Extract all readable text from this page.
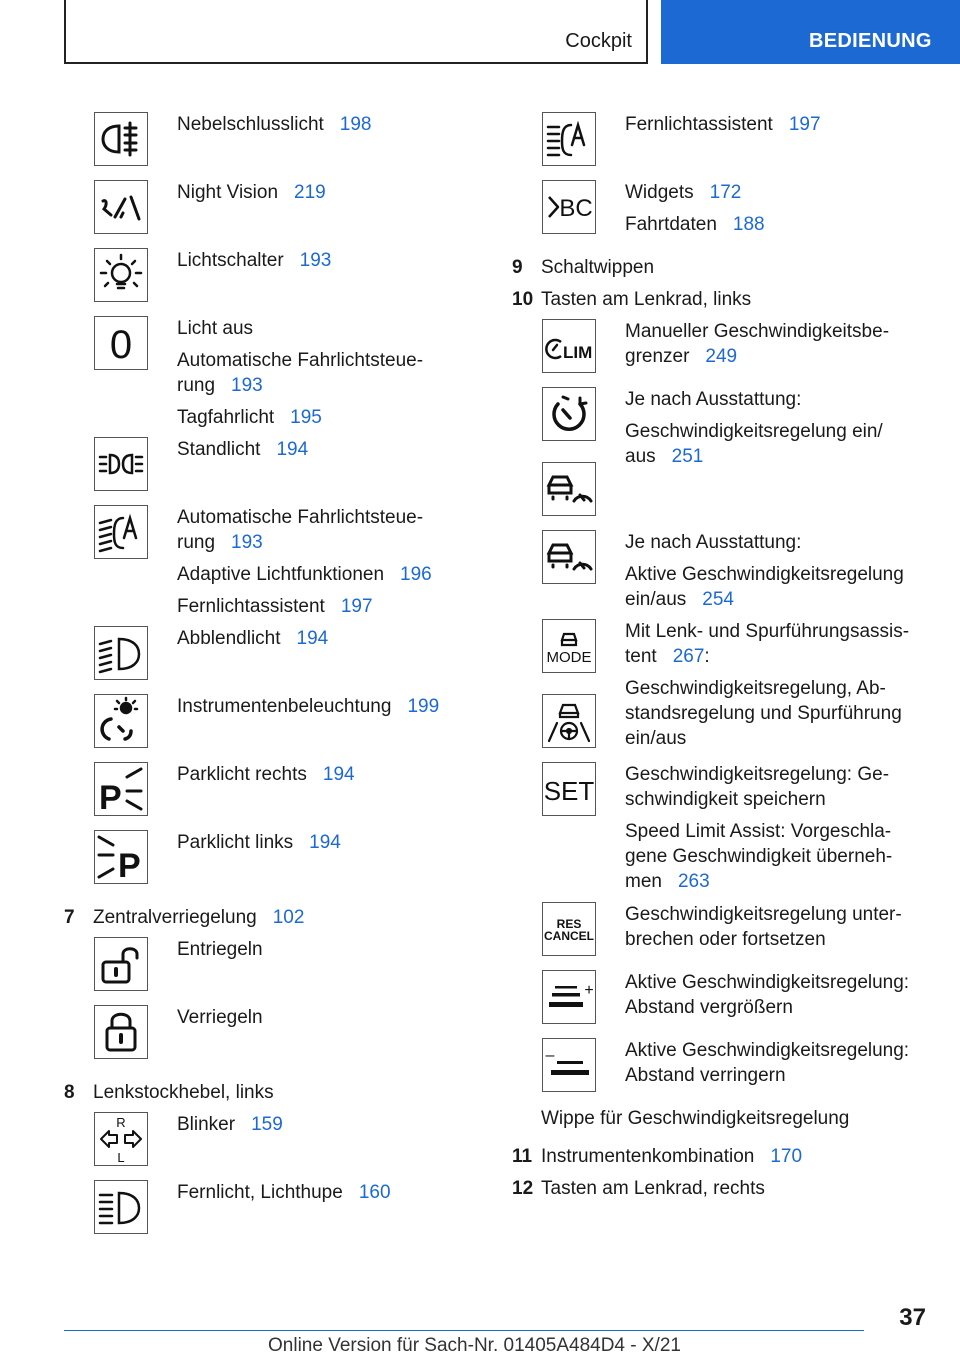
Cockpit	BEDIENUNG
Nebelschlusslicht 198
Night Vision 219
Lichtschalter 193
0 Licht aus
Automatische Fahrlichtsteue-
rung 193
Tagfahrlicht 195
Standlicht 194
Automatische Fahrlichtsteue-
rung 193
Adaptive Lichtfunktionen 196
Fernlichtassistent 197
Abblendlicht 194
Instrumentenbeleuchtung 199
P
Parklicht rechts 194
P
Parklicht links 194
7 Zentralverriegelung 102
Entriegeln
Verriegeln
8 Lenkstockhebel, links
R
L
Blinker 159
Fernlicht, Lichthupe 160
Fernlichtassistent 197
BC
Widgets 172
Fahrtdaten 188
9 Schaltwippen
10 Tasten am Lenkrad, links
LIM
Manueller Geschwindigkeitsbe-
grenzer 249
Je nach Ausstattung:
Geschwindigkeitsregelung ein/
aus 251
Je nach Ausstattung:
Aktive Geschwindigkeitsregelung
ein/aus 254
MODE
Mit Lenk- und Spurführungsassis-
tent 267:
Geschwindigkeitsregelung, Ab-
standsregelung und Spurführung
ein/aus
SET
Geschwindigkeitsregelung: Ge-
schwindigkeit speichern
Speed Limit Assist: Vorgeschla-
gene Geschwindigkeit überneh-
men 263
RES
CANCEL
Geschwindigkeitsregelung unter-
brechen oder fortsetzen
+ Aktive Geschwindigkeitsregelung:
Abstand vergrößern
–	Aktive Geschwindigkeitsregelung:
Abstand verringern
Wippe für Geschwindigkeitsregelung
11 Instrumentenkombination 170
12 Tasten am Lenkrad, rechts
37
Online Version für Sach-Nr. 01405A484D4 - X/21
